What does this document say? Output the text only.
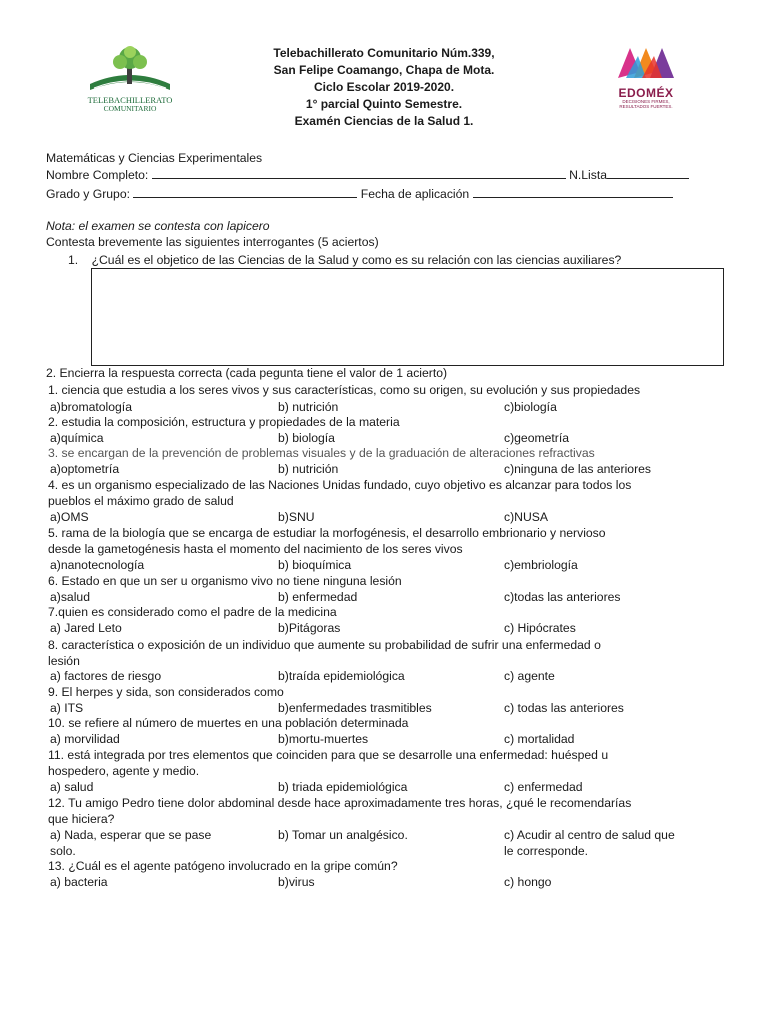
TELEBACHILLERATO
COMUNITARIO
Telebachillerato Comunitario Núm.339,
San Felipe Coamango, Chapa de Mota.
Ciclo Escolar 2019-2020.
1° parcial Quinto Semestre.
Examén Ciencias de la Salud 1.
EDOMÉX
DECISIONES FIRMES, RESULTADOS FUERTES.
Matemáticas y Ciencias Experimentales
Nombre Completo:	N.Lista
Grado y Grupo:	Fecha de aplicación
Nota: el examen se contesta con lapicero
Contesta brevemente las siguientes interrogantes (5 aciertos)
1. ¿Cuál es el objetico de las Ciencias de la Salud y como es su relación con las ciencias auxiliares?
2. Encierra la respuesta correcta (cada pegunta tiene el valor de 1 acierto)
1. ciencia que estudia a los seres vivos y sus características, como su origen, su evolución y sus propiedades
a)bromatología	b) nutrición	c)biología
2. estudia la composición, estructura y propiedades de la materia
a)química	b) biología	c)geometría
3. se encargan de la prevención de problemas visuales y de la graduación de alteraciones refractivas
a)optometría	b) nutrición	c)ninguna de las anteriores
4. es un organismo especializado de las Naciones Unidas fundado, cuyo objetivo es alcanzar para todos los
pueblos el máximo grado de salud
a)OMS	b)SNU	c)NUSA
5. rama de la biología que se encarga de estudiar la morfogénesis, el desarrollo embrionario y nervioso
desde la gametogénesis hasta el momento del nacimiento de los seres vivos
a)nanotecnología	b) bioquímica	c)embriología
6. Estado en que un ser u organismo vivo no tiene ninguna lesión
a)salud	b) enfermedad	c)todas las anteriores
7.quien es considerado como el padre de la medicina
a) Jared Leto	b)Pitágoras	c) Hipócrates
8. característica o exposición de un individuo que aumente su probabilidad de sufrir una enfermedad o
lesión
a) factores de riesgo	b)traída epidemiológica	c) agente
9. El herpes y sida, son considerados como
a) ITS	b)enfermedades trasmitibles	c) todas las anteriores
10. se refiere al número de muertes en una población determinada
a) morvilidad	b)mortu-muertes	c) mortalidad
11. está integrada por tres elementos que coinciden para que se desarrolle una enfermedad: huésped u
hospedero, agente y medio.
a) salud	b) triada epidemiológica	c) enfermedad
12. Tu amigo Pedro tiene dolor abdominal desde hace aproximadamente tres horas, ¿qué le recomendarías
que hiciera?
a) Nada, esperar que se pase
solo.
b) Tomar un analgésico.	c) Acudir al centro de salud que
le corresponde.
13. ¿Cuál es el agente patógeno involucrado en la gripe común?
a) bacteria	b)virus	c) hongo
